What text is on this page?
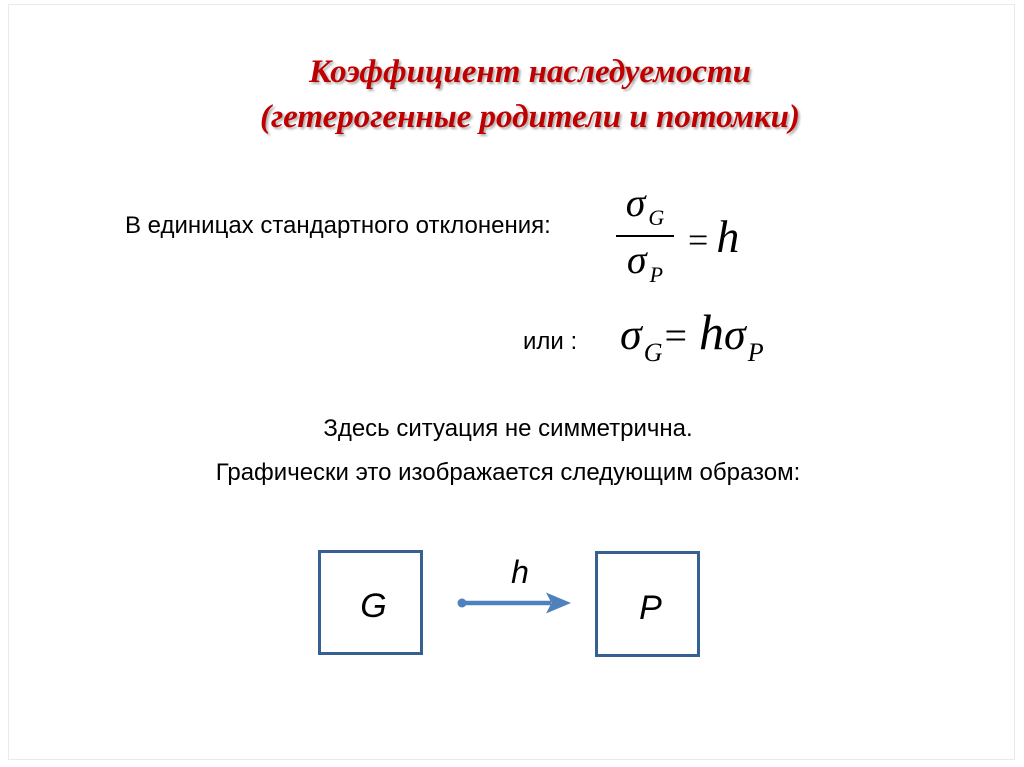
Коэффициент наследуемости
(гетерогенные родители и потомки)
В единицах стандартного отклонения: $\frac{\text{σ G}}{\text{σ P}} = h$
или : σG= hσP
Здесь ситуация не симметрична.
Графически это изображается следующим образом:
G
h
P
